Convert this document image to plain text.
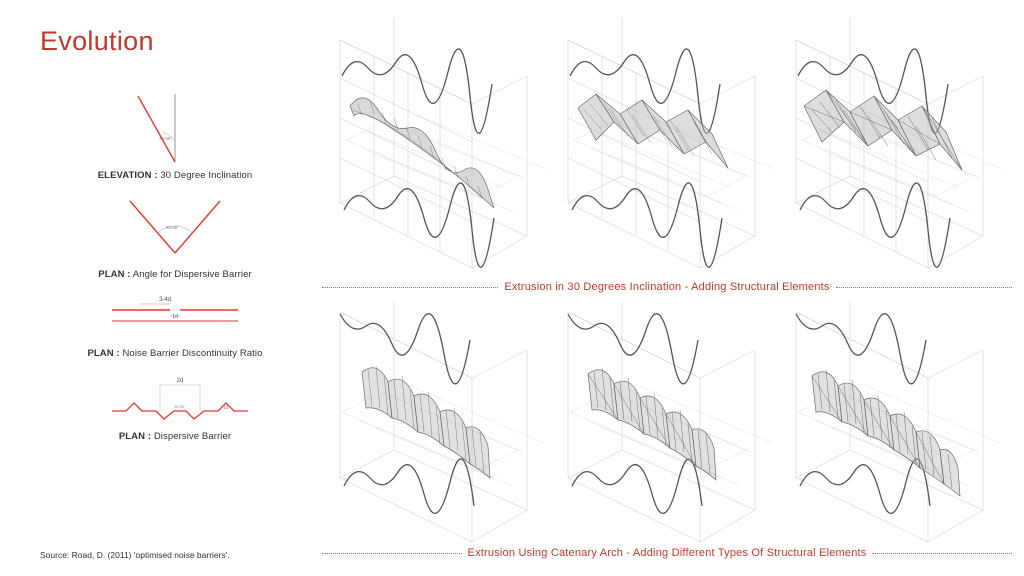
Evolution
30.00°
ELEVATION : 30 Degree Inclination
90.00°
PLAN : Angle for Dispersive Barrier
3-4d
1d
PLAN : Noise Barrier Discontinuity Ratio
2d
90.00°	1d
PLAN : Dispersive Barrier
Source: Road, D. (2011) 'optimised noise barriers'.
Extrusion in 30 Degrees Inclination - Adding Structural Elements
Extrusion Using Catenary Arch - Adding Different Types Of Structural Elements
